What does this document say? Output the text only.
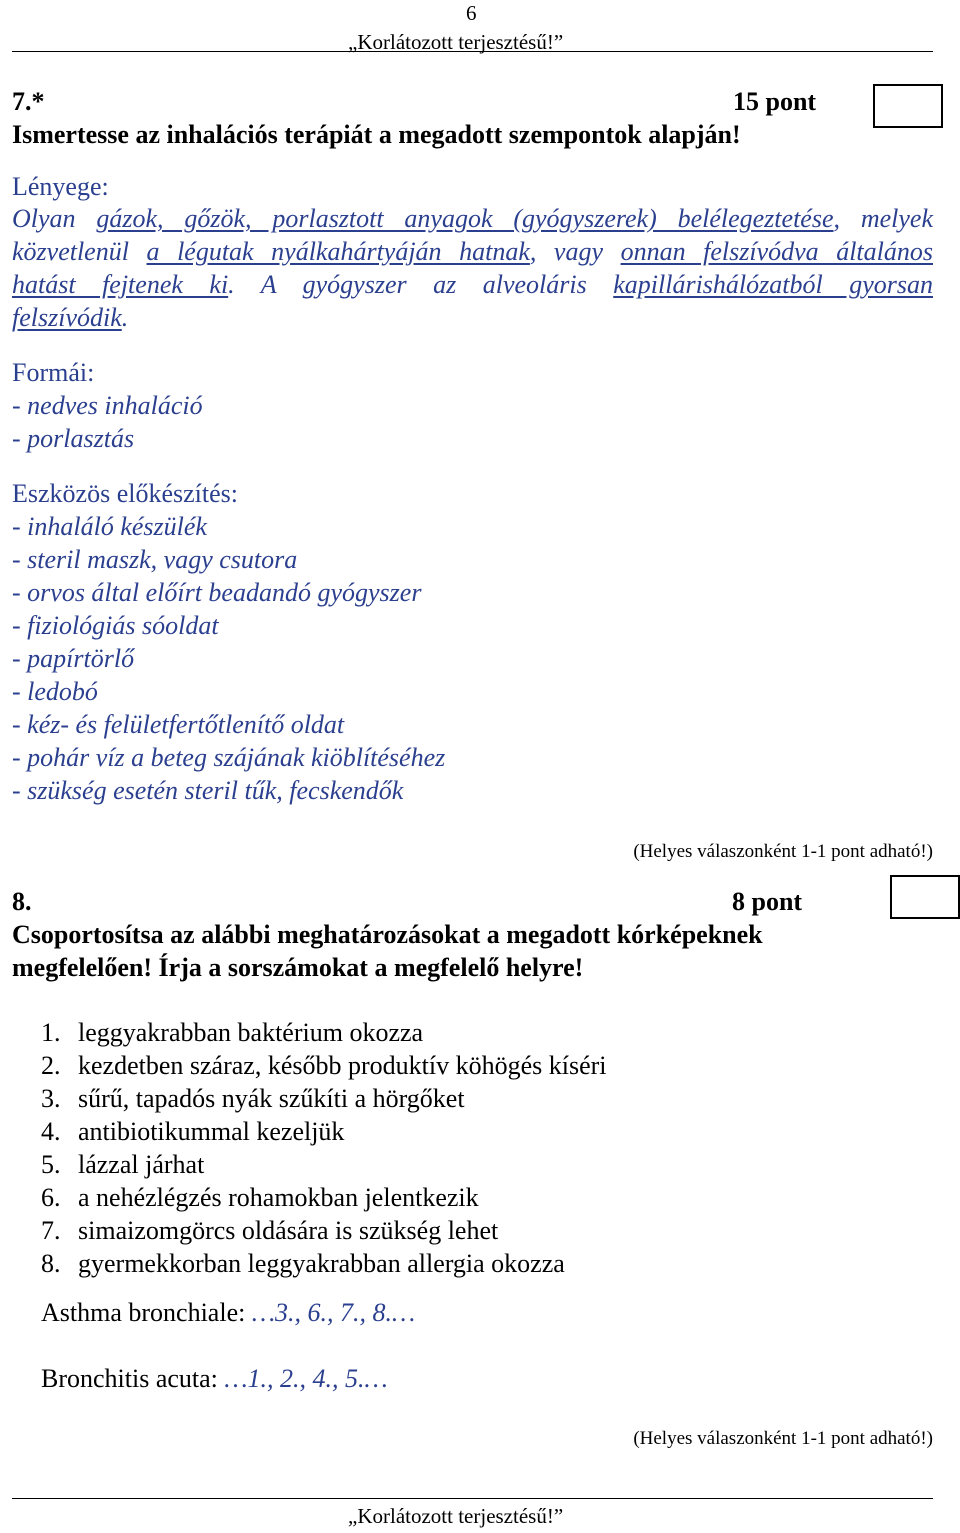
6
„Korlátozott terjesztésű!”
7.*	15 pont
Ismertesse az inhalációs terápiát a megadott szempontok alapján!
Lényege:
Olyan gázok, gőzök, porlasztott anyagok (gyógyszerek) belélegeztetése, melyek
közvetlenül a légutak nyálkahártyáján hatnak, vagy onnan felszívódva általános
hatást fejtenek ki. A gyógyszer az alveoláris kapillárishálózatból gyorsan
felszívódik.
Formái:
- nedves inhaláció
- porlasztás
Eszközös előkészítés:
- inhaláló készülék
- steril maszk, vagy csutora
- orvos által előírt beadandó gyógyszer
- fiziológiás sóoldat
- papírtörlő
- ledobó
- kéz- és felületfertőtlenítő oldat
- pohár víz a beteg szájának kiöblítéséhez
- szükség esetén steril tűk, fecskendők
(Helyes válaszonként 1-1 pont adható!)
8.	8 pont
Csoportosítsa az alábbi meghatározásokat a megadott kórképeknek
megfelelően! Írja a sorszámokat a megfelelő helyre!
1. leggyakrabban baktérium okozza
2. kezdetben száraz, később produktív köhögés kíséri
3. sűrű, tapadós nyák szűkíti a hörgőket
4. antibiotikummal kezeljük
5. lázzal járhat
6. a nehézlégzés rohamokban jelentkezik
7. simaizomgörcs oldására is szükség lehet
8. gyermekkorban leggyakrabban allergia okozza
Asthma bronchiale: …3., 6., 7., 8.…
Bronchitis acuta: …1., 2., 4., 5.…
(Helyes válaszonként 1-1 pont adható!)
„Korlátozott terjesztésű!”
